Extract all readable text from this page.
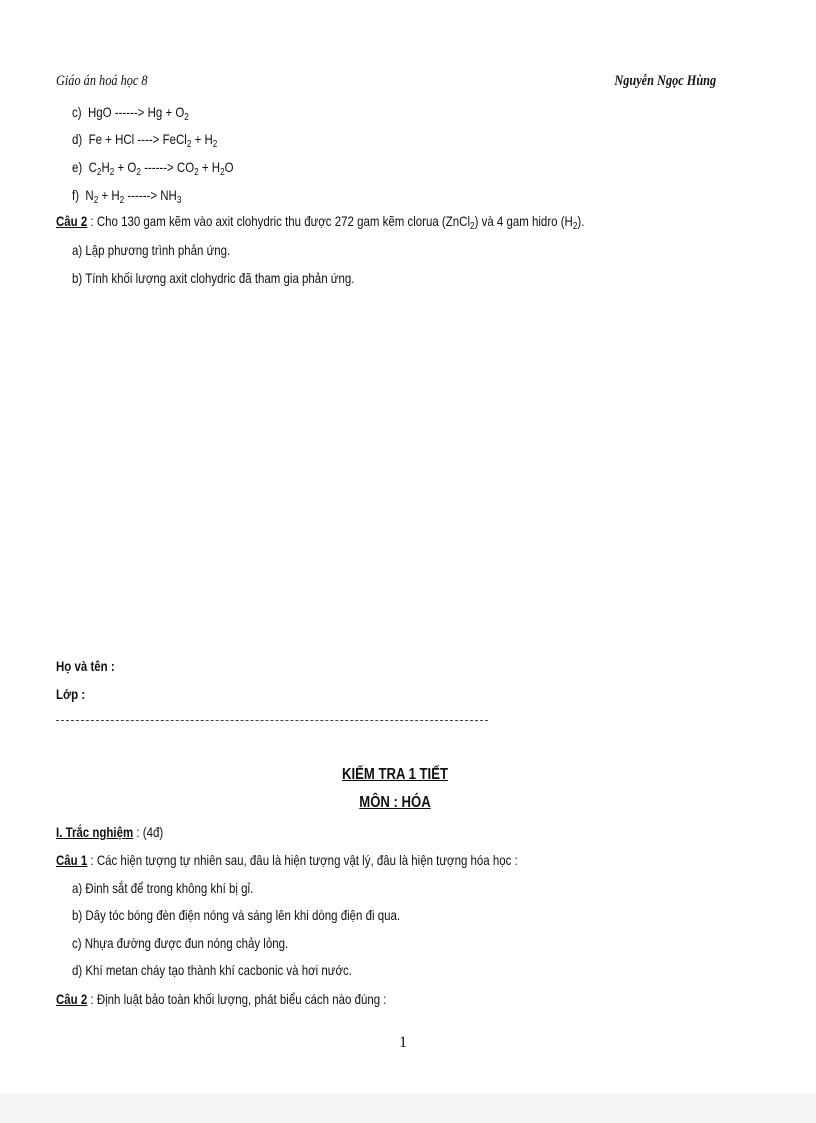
Giáo án hoá học 8	Nguyễn Ngọc Hùng
c) HgO ------> $Hg + O_2$
d) Fe + HCl ----> FeCl$_2$ + $H_2$
e) $C_2H_2 + O_2$ ------> $CO_2 + H_2O$
f) $N_2 + H_2$ ------> $NH_3$
Câu 2 : Cho 130 gam kẽm vào axit clohydric thu được 272 gam kẽm clorua (ZnCl$_2$) và 4 gam hidro $(H_2)$.
a) Lập phương trình phản ứng.
b) Tính khối lượng axit clohydric đã tham gia phản ứng.
Họ và tên :
Lớp :
KIỂM TRA 1 TIẾT
MÔN : HÓA
I. Trắc nghiệm : (4đ)
Câu 1 : Các hiện tượng tự nhiên sau, đâu là hiện tượng vật lý, đâu là hiện tượng hóa học :
a) Đinh sắt để trong không khí bị gỉ.
b) Dây tóc bóng đèn điện nóng và sáng lên khi dòng điện đi qua.
c) Nhựa đường được đun nóng chảy lỏng.
d) Khí metan cháy tạo thành khí cacbonic và hơi nước.
Câu 2 : Định luật bảo toàn khối lượng, phát biểu cách nào đúng :
1
